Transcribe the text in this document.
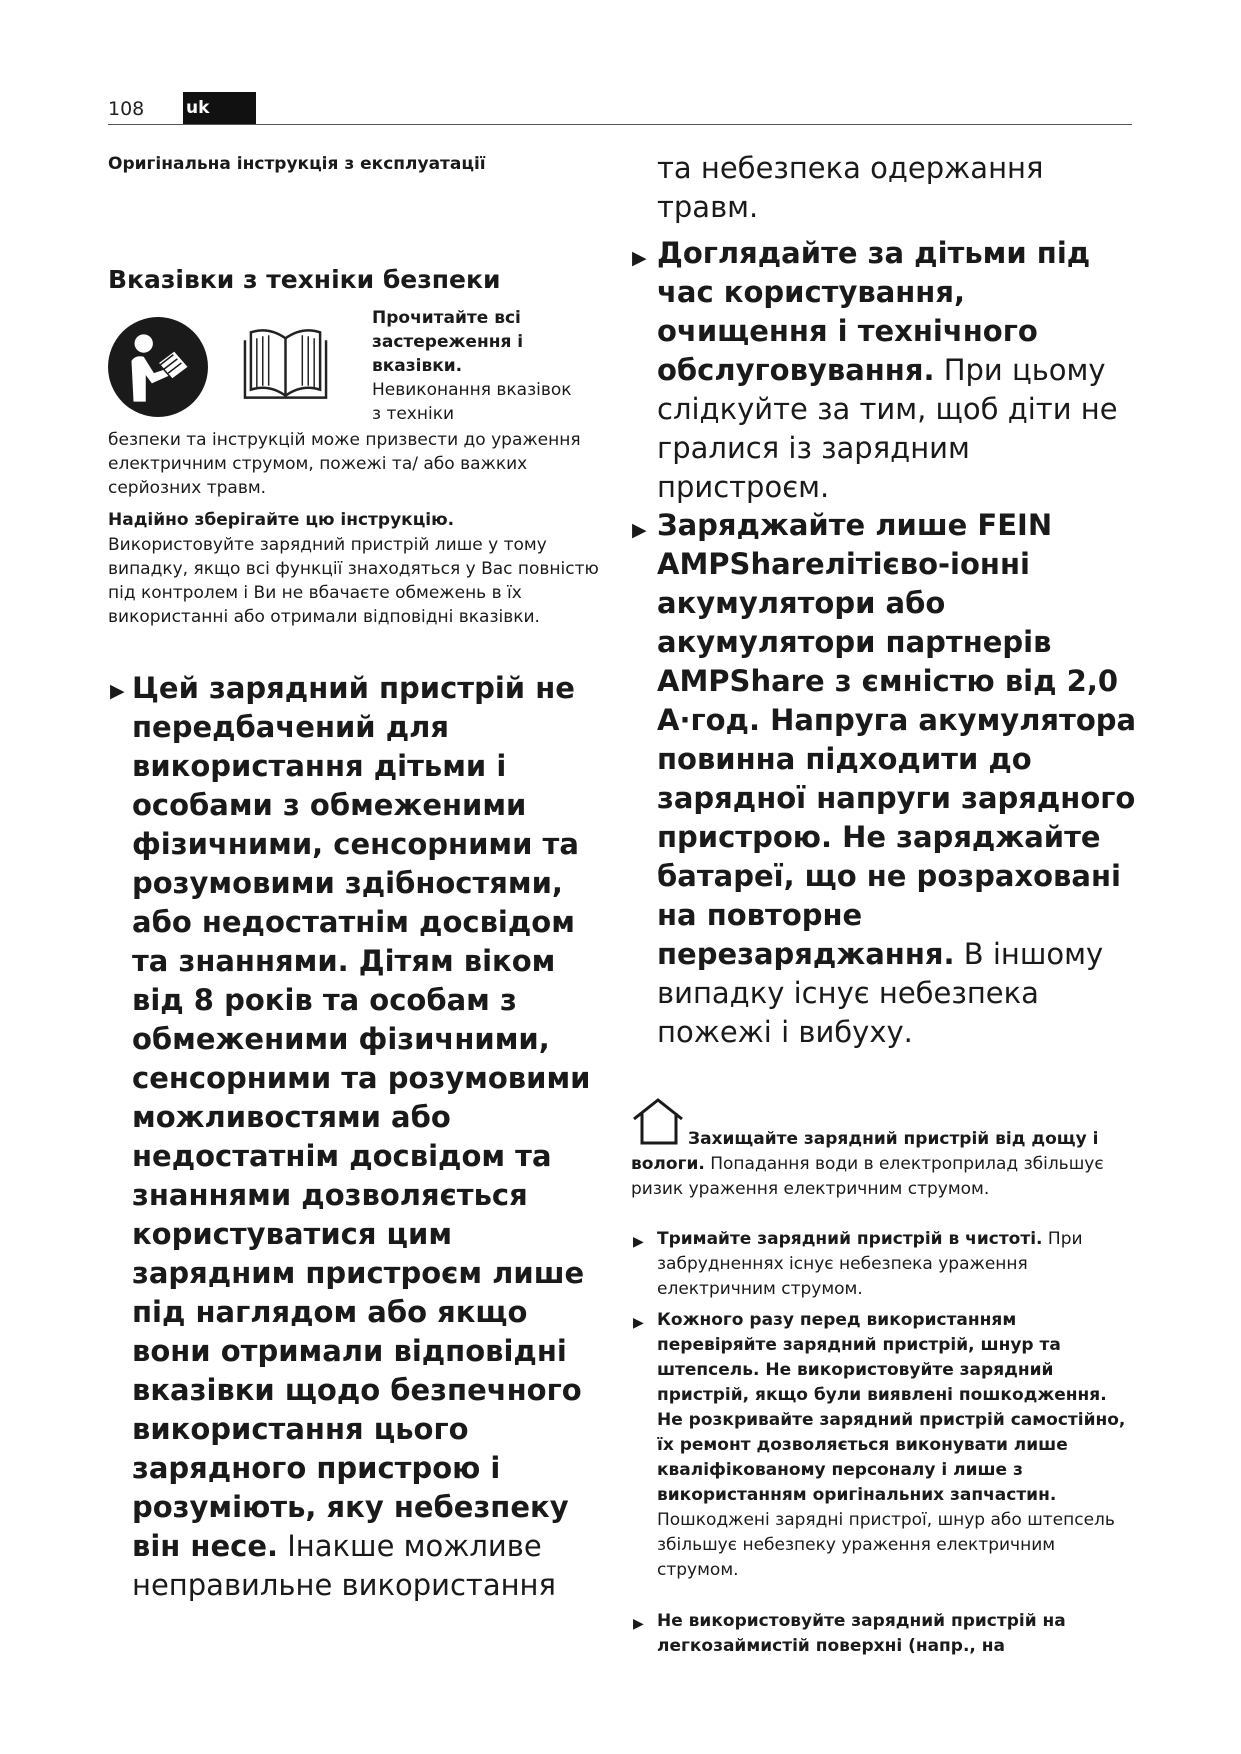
108 uk
Оригінальна інструкція з експлуатації
Вказівки з техніки безпеки
Прочитайте всі застереження і вказівки.
Невиконання вказівок з техніки
безпеки та інструкцій може призвести до ураження електричним струмом, пожежі та/ або важких серйозних травм.
Надійно зберігайте цю інструкцію.
Використовуйте зарядний пристрій лише у тому випадку, якщо всі функції знаходяться у Вас повністю під контролем і Ви не вбачаєте обмежень в їх використанні або отримали відповідні вказівки.
▶ Цей зарядний пристрій не передбачений для використання дітьми і особами з обмеженими фізичними, сенсорними та розумовими здібностями, або недостатнім досвідом та знаннями. Дітям віком від 8 років та особам з обмеженими фізичними, сенсорними та розумовими можливостями або недостатнім досвідом та знаннями дозволяється користуватися цим зарядним пристроєм лише під наглядом або якщо вони отримали відповідні вказівки щодо безпечного використання цього зарядного пристрою і розуміють, яку небезпеку він несе. Інакше можливе неправильне використання
та небезпека одержання травм.
▶ Доглядайте за дітьми під час користування, очищення і технічного обслуговування. При цьому слідкуйте за тим, щоб діти не гралися із зарядним пристроєм.
▶ Заряджайте лише FEIN AMPShareлітієво-іонні акумулятори або акумулятори партнерів AMPShare з ємністю від 2,0 А·год. Напруга акумулятора повинна підходити до зарядної напруги зарядного пристрою. Не заряджайте батареї, що не розраховані на повторне перезаряджання. В іншому випадку існує небезпека пожежі і вибуху.
Захищайте зарядний пристрій від дощу і вологи. Попадання води в електроприлад збільшує ризик ураження електричним струмом.
▶ Тримайте зарядний пристрій в чистоті. При забрудненнях існує небезпека ураження електричним струмом.
▶ Кожного разу перед використанням перевіряйте зарядний пристрій, шнур та штепсель. Не використовуйте зарядний пристрій, якщо були виявлені пошкодження. Не розкривайте зарядний пристрій самостійно, їх ремонт дозволяється виконувати лише кваліфікованому персоналу і лише з використанням оригінальних запчастин. Пошкоджені зарядні пристрої, шнур або штепсель збільшує небезпеку ураження електричним струмом.
▶ Не використовуйте зарядний пристрій на легкозаймистій поверхні (напр., на
